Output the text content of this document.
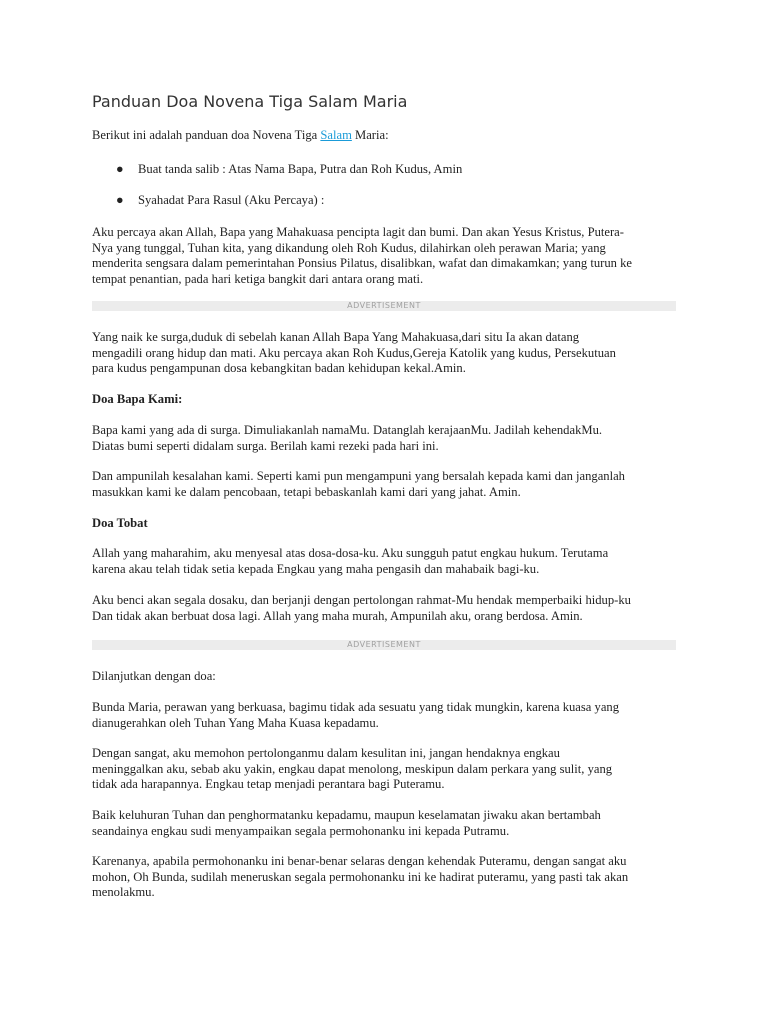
Panduan Doa Novena Tiga Salam Maria

Berikut ini adalah panduan doa Novena Tiga Salam Maria:

● Buat tanda salib : Atas Nama Bapa, Putra dan Roh Kudus, Amin
● Syahadat Para Rasul (Aku Percaya) :

Aku percaya akan Allah, Bapa yang Mahakuasa pencipta lagit dan bumi. Dan akan Yesus Kristus, Putera-
Nya yang tunggal, Tuhan kita, yang dikandung oleh Roh Kudus, dilahirkan oleh perawan Maria; yang
menderita sengsara dalam pemerintahan Ponsius Pilatus, disalibkan, wafat dan dimakamkan; yang turun ke
tempat penantian, pada hari ketiga bangkit dari antara orang mati.

ADVERTISEMENT

Yang naik ke surga,duduk di sebelah kanan Allah Bapa Yang Mahakuasa,dari situ Ia akan datang
mengadili orang hidup dan mati. Aku percaya akan Roh Kudus,Gereja Katolik yang kudus, Persekutuan
para kudus pengampunan dosa kebangkitan badan kehidupan kekal.Amin.

Doa Bapa Kami:

Bapa kami yang ada di surga. Dimuliakanlah namaMu. Datanglah kerajaanMu. Jadilah kehendakMu.
Diatas bumi seperti didalam surga. Berilah kami rezeki pada hari ini.

Dan ampunilah kesalahan kami. Seperti kami pun mengampuni yang bersalah kepada kami dan janganlah
masukkan kami ke dalam pencobaan, tetapi bebaskanlah kami dari yang jahat. Amin.

Doa Tobat

Allah yang maharahim, aku menyesal atas dosa-dosa-ku. Aku sungguh patut engkau hukum. Terutama
karena akau telah tidak setia kepada Engkau yang maha pengasih dan mahabaik bagi-ku.

Aku benci akan segala dosaku, dan berjanji dengan pertolongan rahmat-Mu hendak memperbaiki hidup-ku
Dan tidak akan berbuat dosa lagi. Allah yang maha murah, Ampunilah aku, orang berdosa. Amin.

ADVERTISEMENT

Dilanjutkan dengan doa:

Bunda Maria, perawan yang berkuasa, bagimu tidak ada sesuatu yang tidak mungkin, karena kuasa yang
dianugerahkan oleh Tuhan Yang Maha Kuasa kepadamu.

Dengan sangat, aku memohon pertolonganmu dalam kesulitan ini, jangan hendaknya engkau
meninggalkan aku, sebab aku yakin, engkau dapat menolong, meskipun dalam perkara yang sulit, yang
tidak ada harapannya. Engkau tetap menjadi perantara bagi Puteramu.

Baik keluhuran Tuhan dan penghormatanku kepadamu, maupun keselamatan jiwaku akan bertambah
seandainya engkau sudi menyampaikan segala permohonanku ini kepada Putramu.

Karenanya, apabila permohonanku ini benar-benar selaras dengan kehendak Puteramu, dengan sangat aku
mohon, Oh Bunda, sudilah meneruskan segala permohonanku ini ke hadirat puteramu, yang pasti tak akan
menolakmu.
